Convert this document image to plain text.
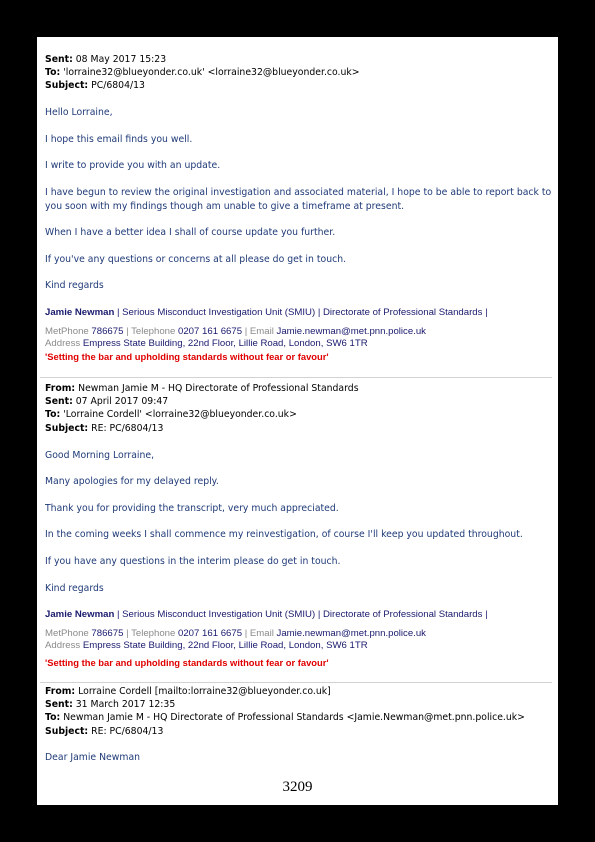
Sent: 08 May 2017 15:23

To: 'lorraine32@blueyonder.co.uk' <lorraine32@blueyonder.co.uk>

Subject: PC/6804/13

Hello Lorraine,

I hope this email finds you well.

I write to provide you with an update.

I have begun to review the original investigation and associated material, I hope to be able to report back to

you soon with my findings though am unable to give a timeframe at present.

When I have a better idea I shall of course update you further.

If you've any questions or concerns at all please do get in touch.

Kind regards

Jamie Newman | Serious Misconduct Investigation Unit (SMIU) | Directorate of Professional Standards |

MetPhone 786675 | Telephone 0207 161 6675 | Email Jamie.newman@met.pnn.police.uk

Address Empress State Building, 22nd Floor, Lillie Road, London, SW6 1TR

'Setting the bar and upholding standards without fear or favour'

From: Newman Jamie M - HQ Directorate of Professional Standards

Sent: 07 April 2017 09:47

To: 'Lorraine Cordell' <lorraine32@blueyonder.co.uk>

Subject: RE: PC/6804/13

Good Morning Lorraine,

Many apologies for my delayed reply.

Thank you for providing the transcript, very much appreciated.

In the coming weeks I shall commence my reinvestigation, of course I'll keep you updated throughout.

If you have any questions in the interim please do get in touch.

Kind regards

Jamie Newman | Serious Misconduct Investigation Unit (SMIU) | Directorate of Professional Standards |

MetPhone 786675 | Telephone 0207 161 6675 | Email Jamie.newman@met.pnn.police.uk

Address Empress State Building, 22nd Floor, Lillie Road, London, SW6 1TR

'Setting the bar and upholding standards without fear or favour'

From: Lorraine Cordell [mailto:lorraine32@blueyonder.co.uk]

Sent: 31 March 2017 12:35

To: Newman Jamie M - HQ Directorate of Professional Standards <Jamie.Newman@met.pnn.police.uk>

Subject: RE: PC/6804/13

Dear Jamie Newman

3209
